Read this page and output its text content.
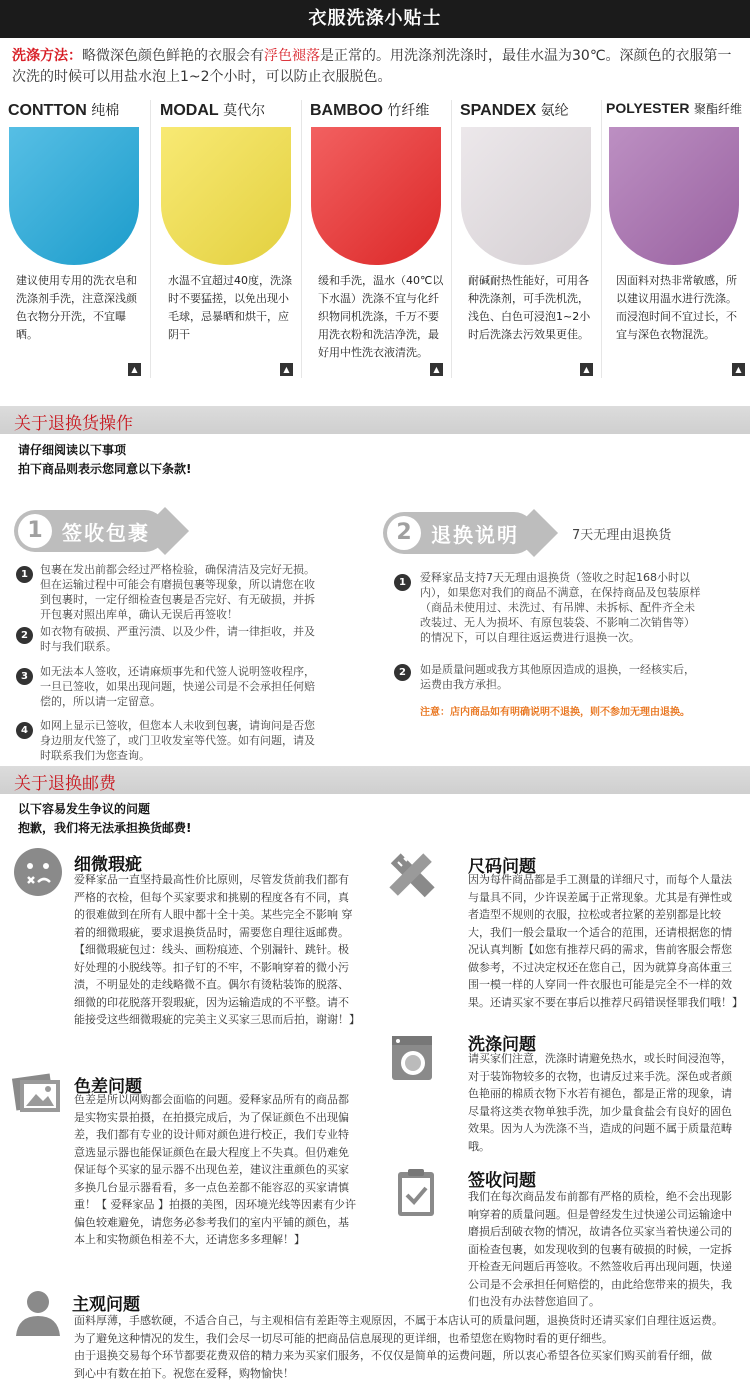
衣服洗涤小贴士
洗涤方法：略微深色颜色鲜艳的衣服会有浮色褪落是正常的。用洗涤剂洗涤时，最佳水温为30℃。深颜色的衣服第一次洗的时候可以用盐水泡上1~2个小时，可以防止衣服脱色。
CONTTON 纯棉
建议使用专用的洗衣皂和洗涤剂手洗，注意深浅颜色衣物分开洗，不宜曝晒。
▲
MODAL 莫代尔
水温不宜超过40度，洗涤时不要猛搓，以免出现小毛球，忌暴晒和烘干，应阴干
▲
BAMBOO 竹纤维
缓和手洗，温水（40℃以下水温）洗涤不宜与化纤织物同机洗涤，千万不要用洗衣粉和洗洁净洗，最好用中性洗衣液清洗。
▲
SPANDEX 氨纶
耐碱耐热性能好，可用各种洗涤剂，可手洗机洗，浅色、白色可浸泡1~2小时后洗涤去污效果更佳。
▲
POLYESTER 聚酯纤维
因面料对热非常敏感，所以建议用温水进行洗涤。而浸泡时间不宜过长，不宜与深色衣物混洗。
▲
关于退换货操作
请仔细阅读以下事项
拍下商品则表示您同意以下条款!
1 签收包裹
1	包裹在发出前都会经过严格检验，确保清洁及完好无损。但在运输过程中可能会有磨损包裹等现象，所以请您在收到包裹时，一定仔细检查包裹是否完好、有无破损，并拆开包裹对照出库单，确认无误后再签收！
2	如衣物有破损、严重污渍、以及少件，请一律拒收，并及时与我们联系。
3	如无法本人签收，还请麻烦事先和代签人说明签收程序，一旦已签收，如果出现问题，快递公司是不会承担任何赔偿的，所以请一定留意。
4	如网上显示已签收，但您本人未收到包裹，请询问是否您身边朋友代签了，或门卫收发室等代签。如有问题，请及时联系我们为您查询。
2 退换说明	7天无理由退换货
1	爱释家品支持7天无理由退换货（签收之时起168小时以内），如果您对我们的商品不满意，在保持商品及包装原样（商品未使用过、未洗过、有吊牌、未拆标、配件齐全未改装过、无人为损坏、有原包装袋、不影响二次销售等）的情况下，可以自理往返运费进行退换一次。
2	如是质量问题或我方其他原因造成的退换，一经核实后，运费由我方承担。
注意：店内商品如有明确说明不退换，则不参加无理由退换。
关于退换邮费
以下容易发生争议的问题
抱歉，我们将无法承担换货邮费!
细微瑕疵
爱释家品一直坚持最高性价比原则，尽管发货前我们都有严格的衣检，但每个买家要求和挑剔的程度各有不同，真的很难做到在所有人眼中都十全十美。某些完全不影响 穿着的细微瑕疵，要求退换货品时，需要您自理往返邮费。【细微瑕疵包过：线头、画粉痕迹、个别漏针、跳针。极好处理的小脱线等。扣子钉的不牢，不影响穿着的微小污渍，不明显处的走线略微不直。偶尔有烫粘装饰的脱落、细微的印花脱落开裂瑕疵，因为运输造成的不平整。请不能接受这些细微瑕疵的完美主义买家三思而后拍，谢谢！】
尺码问题
因为每件商品都是手工测量的详细尺寸，而每个人量法与量具不同，少许误差属于正常现象。尤其是有弹性或者造型不规则的衣服，拉松或者拉紧的差别都是比较大，我们一般会量取一个适合的范围，还请根据您的情况认真判断【如您有推荐尺码的需求，售前客服会帮您做参考，不过决定权还在您自己，因为就算身高体重三围一模一样的人穿同一件衣服也可能是完全不一样的效果。还请买家不要在事后以推荐尺码错误怪罪我们哦！】
洗涤问题
请买家们注意，洗涤时请避免热水，或长时间浸泡等，对于装饰物较多的衣物，也请反过来手洗。深色或者颜色艳丽的棉质衣物下水若有褪色，都是正常的现象，请尽量将这类衣物单独手洗，加少量食盐会有良好的固色效果。因为人为洗涤不当，造成的问题不属于质量范畴哦。
色差问题
色差是所以网购都会面临的问题。爱释家品所有的商品都是实物实景拍摄，在拍摄完成后，为了保证颜色不出现偏差，我们都有专业的设计师对颜色进行校正，我们专业特意选显示器也能保证颜色在最大程度上不失真。但仍难免保证每个买家的显示器不出现色差，建议注重颜色的买家多换几台显示器看看，多一点色差都不能容忍的买家请慎重！【 爱释家品 】拍摄的美图，因环境光线等因素有少许偏色较难避免，请您务必参考我们的室内平铺的颜色，基本上和实物颜色相差不大，还请您多多理解！】
签收问题
我们在每次商品发布前都有严格的质检，绝不会出现影响穿着的质量问题。但是曾经发生过快递公司运输途中磨损后刮破衣物的情况，故请各位买家当着快递公司的面检查包裹，如发现收到的包裹有破损的时候，一定拆开检查无问题后再签收。不然签收后再出现问题，快递公司是不会承担任何赔偿的，由此给您带来的损失，我们也没有办法替您追回了。
主观问题
面料厚薄，手感软硬，不适合自己，与主观相信有差距等主观原因，不属于本店认可的质量问题，退换货时还请买家们自理往返运费。
为了避免这种情况的发生，我们会尽一切尽可能的把商品信息展现的更详细，也希望您在购物时看的更仔细些。
由于退换交易每个环节都要花费双倍的精力来为买家们服务，不仅仅是简单的运费问题，所以衷心希望各位买家们购买前看仔细，做
到心中有数在拍下。祝您在爱释，购物愉快！
